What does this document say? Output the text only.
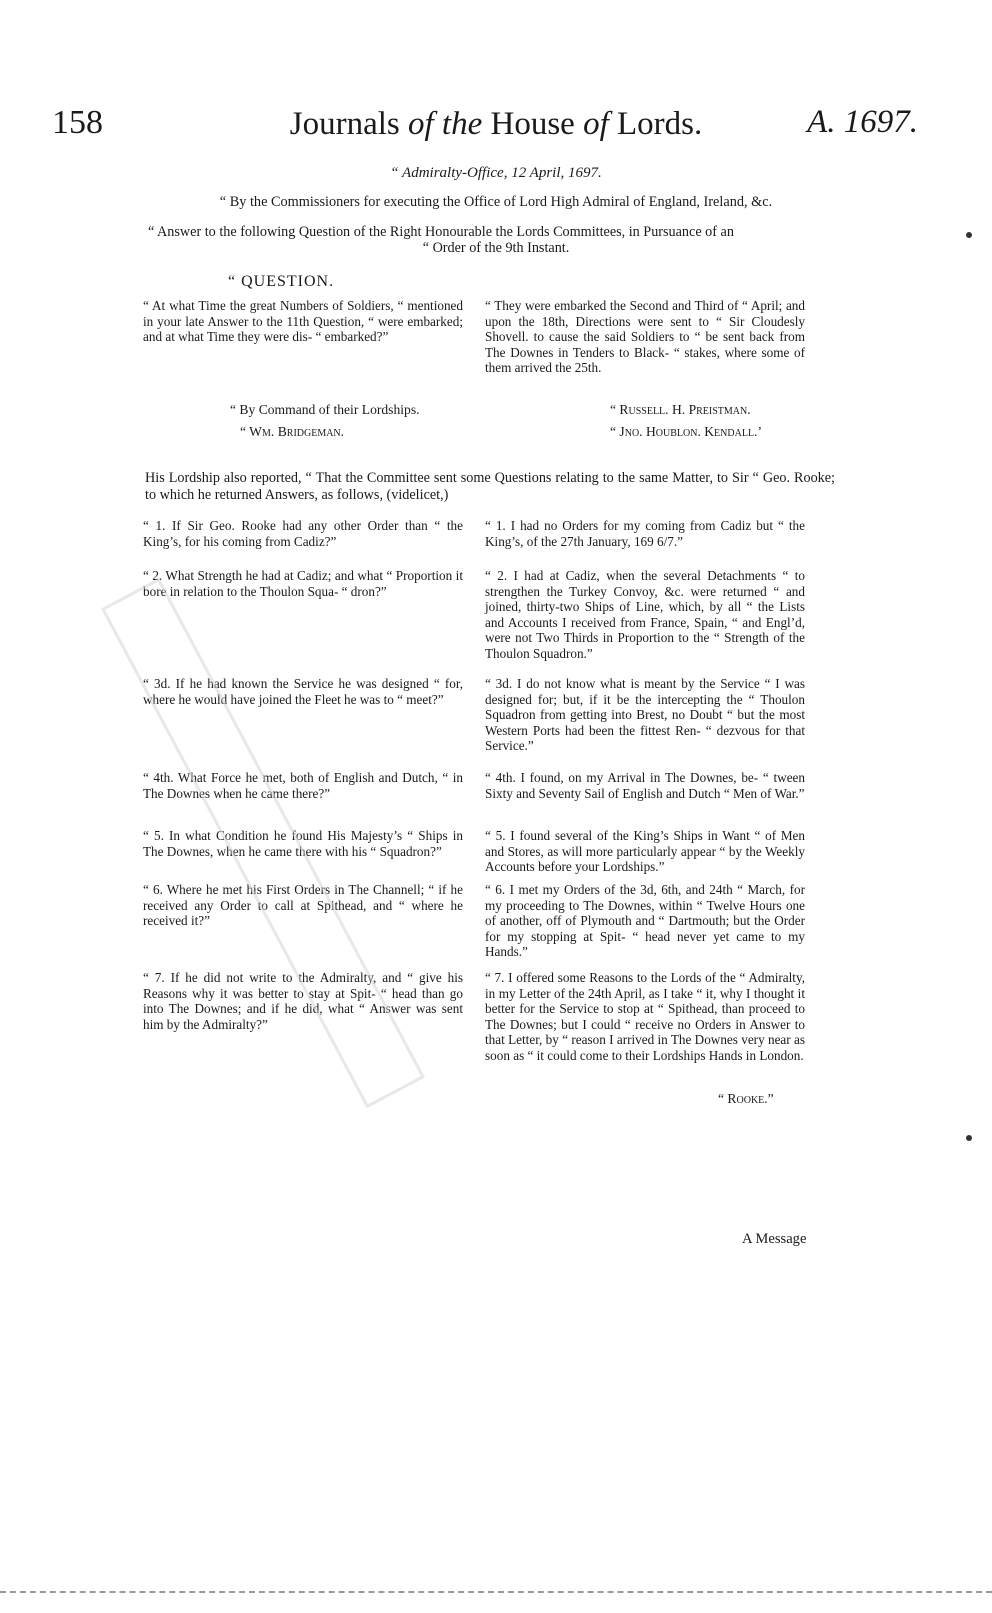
158	Journals of the House of Lords.	A. 1697.
“ Admiralty-Office, 12 April, 1697.
“ By the Commissioners for executing the Office of Lord High Admiral of England, Ireland, &c.
“ Answer to the following Question of the Right Honourable the Lords Committees, in Pursuance of an
“ Order of the 9th Instant.
“ QUESTION.
“ At what Time the great Numbers of Soldiers, “ mentioned in your late Answer to the 11th Question, “ were embarked; and at what Time they were dis- “ embarked?”
“ They were embarked the Second and Third of “ April; and upon the 18th, Directions were sent to “ Sir Cloudesly Shovell. to cause the said Soldiers to “ be sent back from The Downes in Tenders to Black- “ stakes, where some of them arrived the 25th.
“ By Command of their Lordships.
“ Wm. Bridgeman.
“ Russell. H. Preistman.
“ Jno. Houblon. Kendall.’
His Lordship also reported, “ That the Committee sent some Questions relating to the same Matter, to Sir “ Geo. Rooke; to which he returned Answers, as follows, (videlicet,)
“ 1. If Sir Geo. Rooke had any other Order than “ the King’s, for his coming from Cadiz?”
“ 1. I had no Orders for my coming from Cadiz but “ the King’s, of the 27th January, 169 6/7.”
“ 2. What Strength he had at Cadiz; and what “ Proportion it bore in relation to the Thoulon Squa- “ dron?”
“ 2. I had at Cadiz, when the several Detachments “ to strengthen the Turkey Convoy, &c. were returned “ and joined, thirty-two Ships of Line, which, by all “ the Lists and Accounts I received from France, Spain, “ and Engl’d, were not Two Thirds in Proportion to the “ Strength of the Thoulon Squadron.”
“ 3d. If he had known the Service he was designed “ for, where he would have joined the Fleet he was to “ meet?”
“ 3d. I do not know what is meant by the Service “ I was designed for; but, if it be the intercepting the “ Thoulon Squadron from getting into Brest, no Doubt “ but the most Western Ports had been the fittest Ren- “ dezvous for that Service.”
“ 4th. What Force he met, both of English and Dutch, “ in The Downes when he came there?”
“ 4th. I found, on my Arrival in The Downes, be- “ tween Sixty and Seventy Sail of English and Dutch “ Men of War.”
“ 5. In what Condition he found His Majesty’s “ Ships in The Downes, when he came there with his “ Squadron?”
“ 5. I found several of the King’s Ships in Want “ of Men and Stores, as will more particularly appear “ by the Weekly Accounts before your Lordships.”
“ 6. Where he met his First Orders in The Channell; “ if he received any Order to call at Spithead, and “ where he received it?”
“ 6. I met my Orders of the 3d, 6th, and 24th “ March, for my proceeding to The Downes, within “ Twelve Hours one of another, off of Plymouth and “ Dartmouth; but the Order for my stopping at Spit- “ head never yet came to my Hands.”
“ 7. If he did not write to the Admiralty, and “ give his Reasons why it was better to stay at Spit- “ head than go into The Downes; and if he did, what “ Answer was sent him by the Admiralty?”
“ 7. I offered some Reasons to the Lords of the “ Admiralty, in my Letter of the 24th April, as I take “ it, why I thought it better for the Service to stop at “ Spithead, than proceed to The Downes; but I could “ receive no Orders in Answer to that Letter, by “ reason I arrived in The Downes very near as soon as “ it could come to their Lordships Hands in London.
“ Rooke.”
A Message
